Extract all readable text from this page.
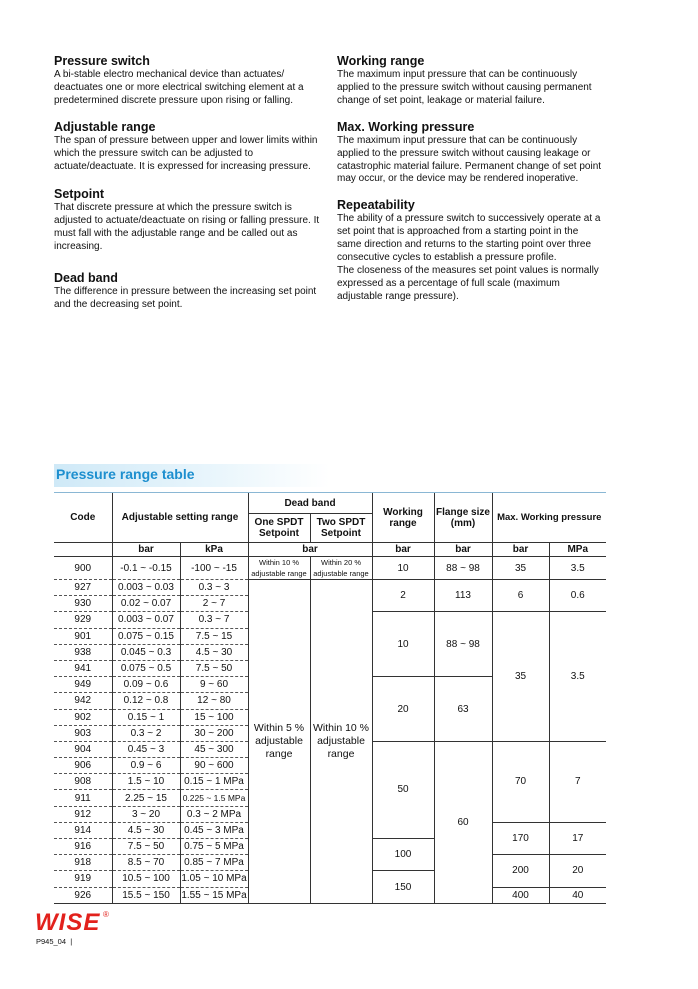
Pressure switch

A bi-stable electro mechanical device than actuates/ deactuates one or more electrical switching element at a predetermined discrete pressure upon rising or falling.

Adjustable range

The span of pressure between upper and lower limits within which the pressure switch can be adjusted to actuate/deactuate. It is expressed for increasing pressure.

Setpoint

That discrete pressure at which the pressure switch is adjusted to actuate/deactuate on rising or falling pressure. It must fall with the adjustable range and be called out as increasing.

Dead band

The difference in pressure between the increasing set point and the decreasing set point.

Working range

The maximum input pressure that can be continuously applied to the pressure switch without causing permanent change of set point, leakage or material failure.

Max. Working pressure

The maximum input pressure that can be continuously applied to the pressure switch without causing leakage or catastrophic material failure. Permanent change of set point may occur, or the device may be rendered inoperative.

Repeatability

The ability of a pressure switch to successively operate at a set point that is approached from a starting point in the same direction and returns to the starting point over three consecutive cycles to establish a pressure profile.

The closeness of the measures set point values is normally expressed as a percentage of full scale (maximum adjustable range pressure).

Pressure range table
Code	Adjustable setting range		Dead band		Working range	Flange size (mm)	Max. Working pressure	
			One SPDT Setpoint	Two SPDT Setpoint				
	bar	kPa	bar		bar	bar	bar	MPa
900	-0.1 ~ -0.15	-100 ~ -15	Within 10 % adjustable range	Within 20 % adjustable range	10	88 ~ 98	35	3.5
927	0.003 ~ 0.03	0.3 ~ 3	Within 5 % adjustable range	Within 10 % adjustable range	2	113	6	0.6
930	0.02 ~ 0.07	2 ~ 7						
929	0.003 ~ 0.07	0.3 ~ 7			10	88 ~ 98	35	3.5
901	0.075 ~ 0.15	7.5 ~ 15						
938	0.045 ~ 0.3	4.5 ~ 30						
941	0.075 ~ 0.5	7.5 ~ 50						
949	0.09 ~ 0.6	9 ~ 60			20	63		
942	0.12 ~ 0.8	12 ~ 80						
902	0.15 ~ 1	15 ~ 100						
903	0.3 ~ 2	30 ~ 200						
904	0.45 ~ 3	45 ~ 300			50	60	70	7
906	0.9 ~ 6	90 ~ 600						
908	1.5 ~ 10	0.15 ~ 1 MPa						
911	2.25 ~ 15	0.225 ~ 1.5 MPa						
912	3 ~ 20	0.3 ~ 2 MPa						
914	4.5 ~ 30	0.45 ~ 3 MPa					170	17
916	7.5 ~ 50	0.75 ~ 5 MPa			100			
918	8.5 ~ 70	0.85 ~ 7 MPa					200	20
919	10.5 ~ 100	1.05 ~ 10 MPa			150			
926	15.5 ~ 150	1.55 ~ 15 MPa					400	40
WISE ®
P945_04  |
